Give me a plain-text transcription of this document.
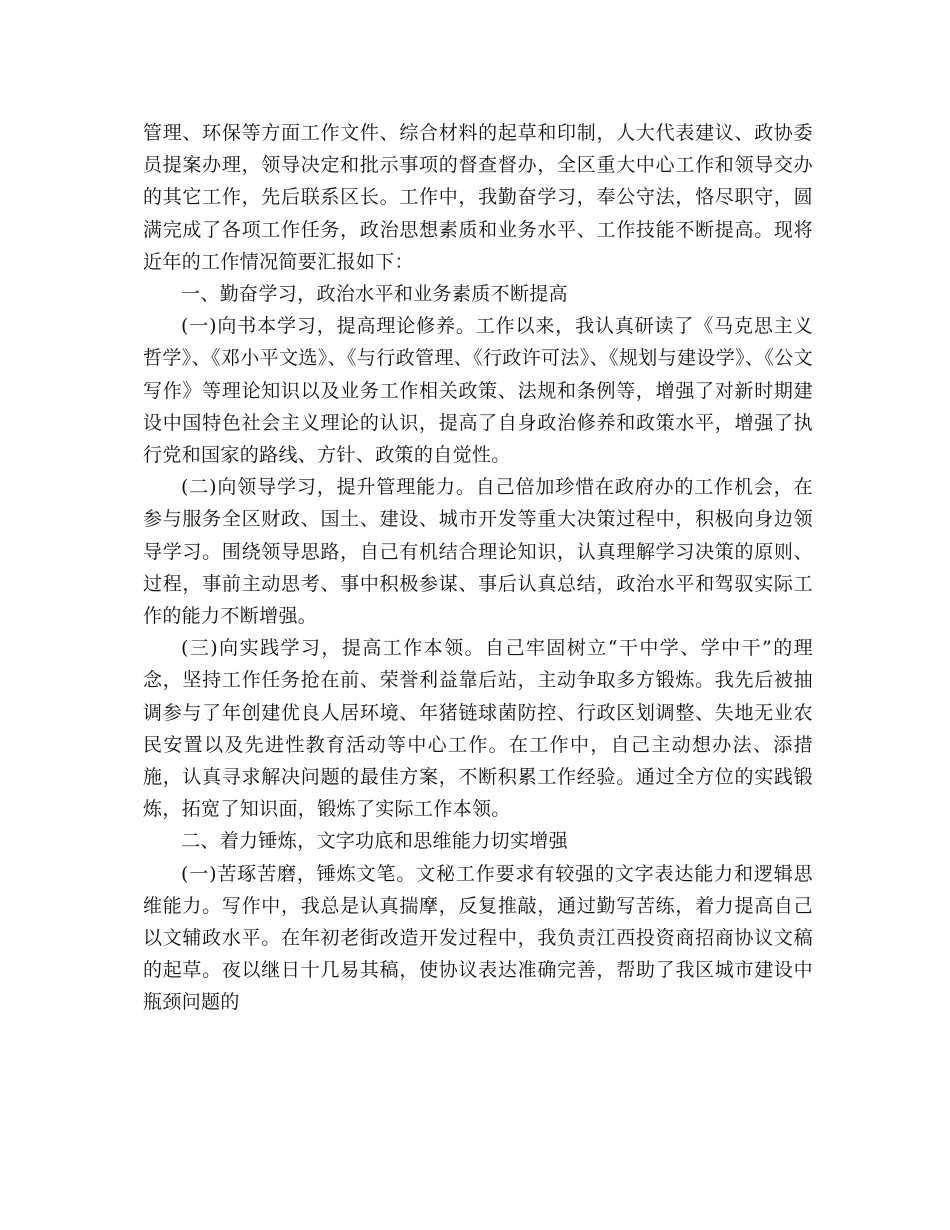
管理、环保等方面工作文件、综合材料的起草和印制，人大代表建议、政协委员提案办理，领导决定和批示事项的督查督办，全区重大中心工作和领导交办的其它工作，先后联系区长。工作中，我勤奋学习，奉公守法，恪尽职守，圆满完成了各项工作任务，政治思想素质和业务水平、工作技能不断提高。现将近年的工作情况简要汇报如下：

一、勤奋学习，政治水平和业务素质不断提高

(一)向书本学习，提高理论修养。工作以来，我认真研读了《马克思主义哲学》、《邓小平文选》、《与行政管理、《行政许可法》、《规划与建设学》、《公文写作》等理论知识以及业务工作相关政策、法规和条例等，增强了对新时期建设中国特色社会主义理论的认识，提高了自身政治修养和政策水平，增强了执行党和国家的路线、方针、政策的自觉性。

(二)向领导学习，提升管理能力。自己倍加珍惜在政府办的工作机会，在参与服务全区财政、国土、建设、城市开发等重大决策过程中，积极向身边领导学习。围绕领导思路，自己有机结合理论知识，认真理解学习决策的原则、过程，事前主动思考、事中积极参谋、事后认真总结，政治水平和驾驭实际工作的能力不断增强。

(三)向实践学习，提高工作本领。自己牢固树立“干中学、学中干”的理念，坚持工作任务抢在前、荣誉利益靠后站，主动争取多方锻炼。我先后被抽调参与了年创建优良人居环境、年猪链球菌防控、行政区划调整、失地无业农民安置以及先进性教育活动等中心工作。在工作中，自己主动想办法、添措施，认真寻求解决问题的最佳方案，不断积累工作经验。通过全方位的实践锻炼，拓宽了知识面，锻炼了实际工作本领。

二、着力锤炼，文字功底和思维能力切实增强

(一)苦琢苦磨，锤炼文笔。文秘工作要求有较强的文字表达能力和逻辑思维能力。写作中，我总是认真揣摩，反复推敲，通过勤写苦练，着力提高自己以文辅政水平。在年初老街改造开发过程中，我负责江西投资商招商协议文稿的起草。夜以继日十几易其稿，使协议表达准确完善，帮助了我区城市建设中瓶颈问题的
